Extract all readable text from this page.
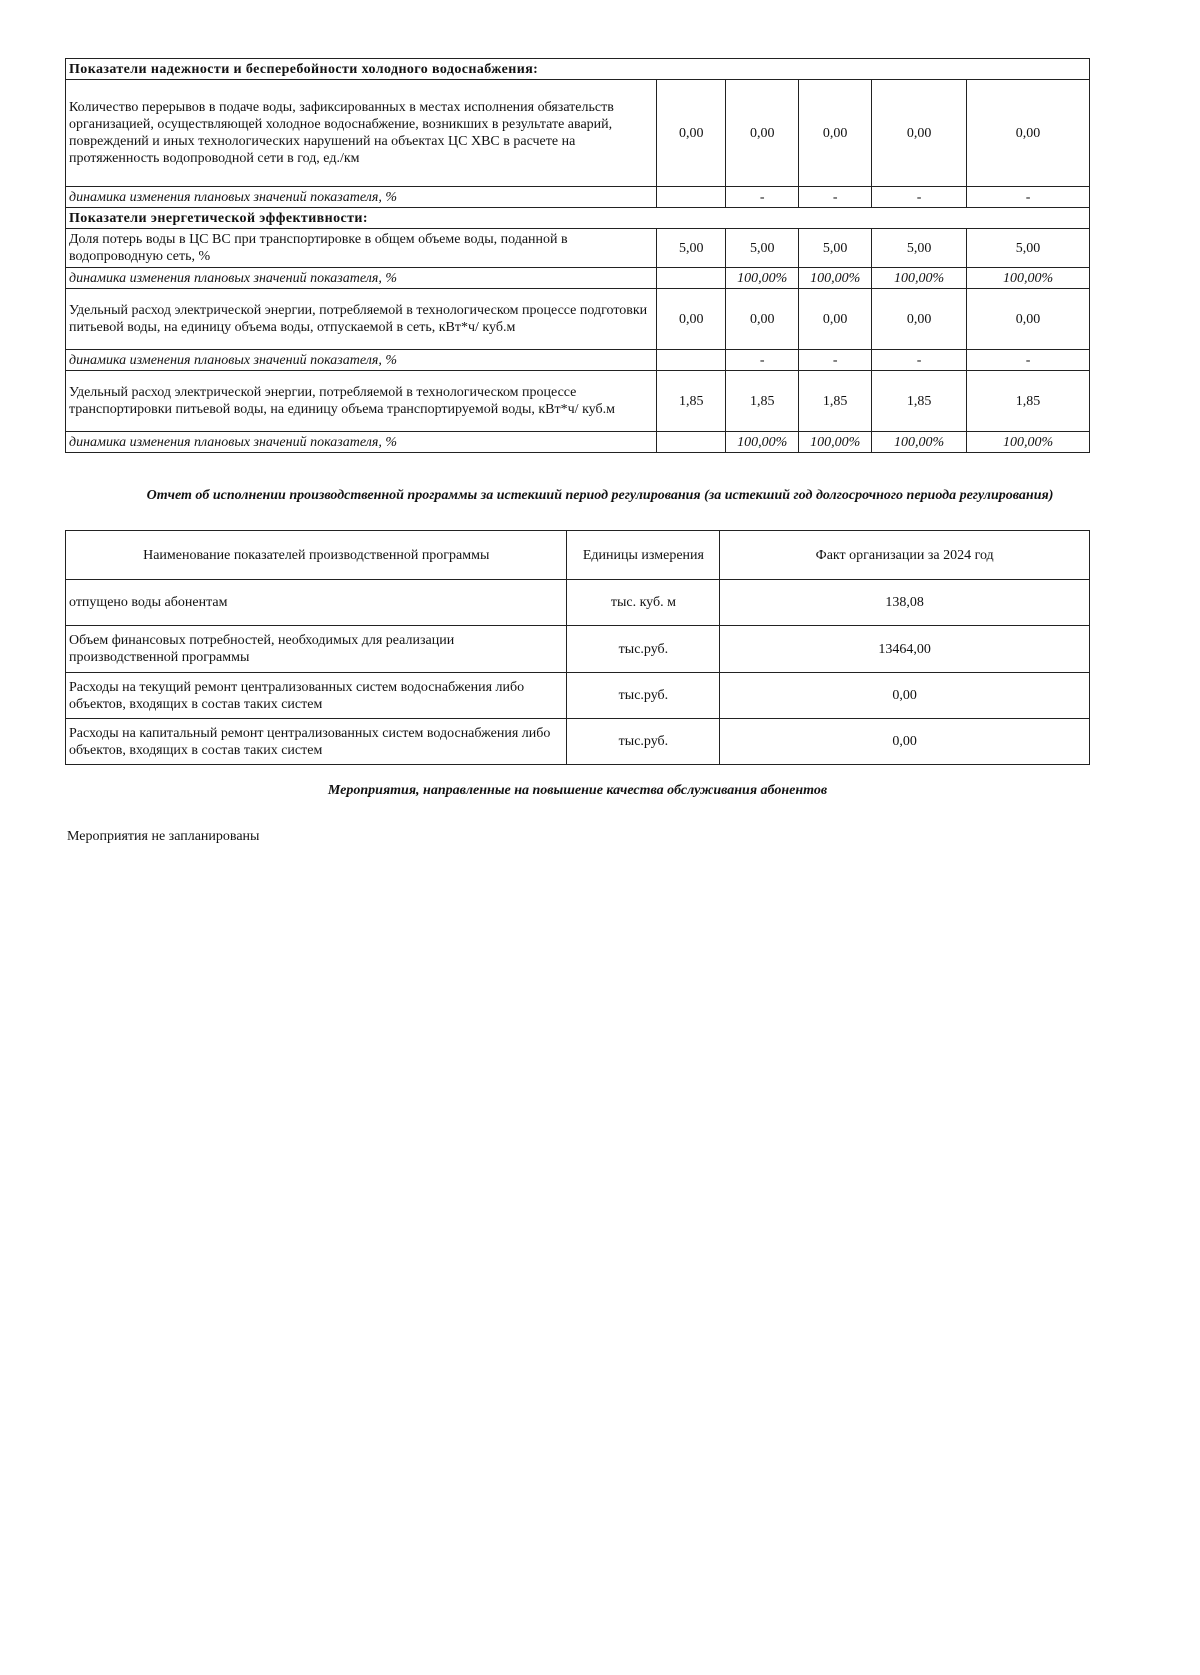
Показатели надежности и бесперебойности холодного водоснабжения:					
Количество перерывов в подаче воды, зафиксированных в местах исполнения обязательств организацией, осуществляющей холодное водоснабжение, возникших в результате аварий, повреждений и иных технологических нарушений на объектах ЦС ХВС в расчете на протяженность водопроводной сети в год, ед./км	0,00	0,00	0,00	0,00	0,00
динамика изменения плановых значений показателя, %		-	-	-	-
Показатели энергетической эффективности:					
Доля потерь воды в ЦС ВС при транспортировке в общем объеме воды, поданной в водопроводную сеть, %	5,00	5,00	5,00	5,00	5,00
динамика изменения плановых значений показателя, %		100,00%	100,00%	100,00%	100,00%
Удельный расход электрической энергии, потребляемой в технологическом процессе подготовки питьевой воды, на единицу объема воды, отпускаемой в сеть, кВт*ч/ куб.м	0,00	0,00	0,00	0,00	0,00
динамика изменения плановых значений показателя, %		-	-	-	-
Удельный расход электрической энергии, потребляемой в технологическом процессе транспортировки питьевой воды, на единицу объема транспортируемой воды, кВт*ч/ куб.м	1,85	1,85	1,85	1,85	1,85
динамика изменения плановых значений показателя, %		100,00%	100,00%	100,00%	100,00%
Отчет об исполнении производственной программы за истекший период регулирования (за истекший год долгосрочного периода регулирования)
Наименование показателей производственной программы	Единицы измерения	Факт организации за 2024 год
отпущено воды абонентам	тыс. куб. м	138,08
Объем финансовых потребностей, необходимых для реализации производственной программы	тыс.руб.	13464,00
Расходы на текущий ремонт централизованных систем водоснабжения либо объектов, входящих в состав таких систем	тыс.руб.	0,00
Расходы на капитальный ремонт централизованных систем водоснабжения либо объектов, входящих в состав таких систем	тыс.руб.	0,00
Мероприятия, направленные на повышение качества обслуживания абонентов
Мероприятия не запланированы
